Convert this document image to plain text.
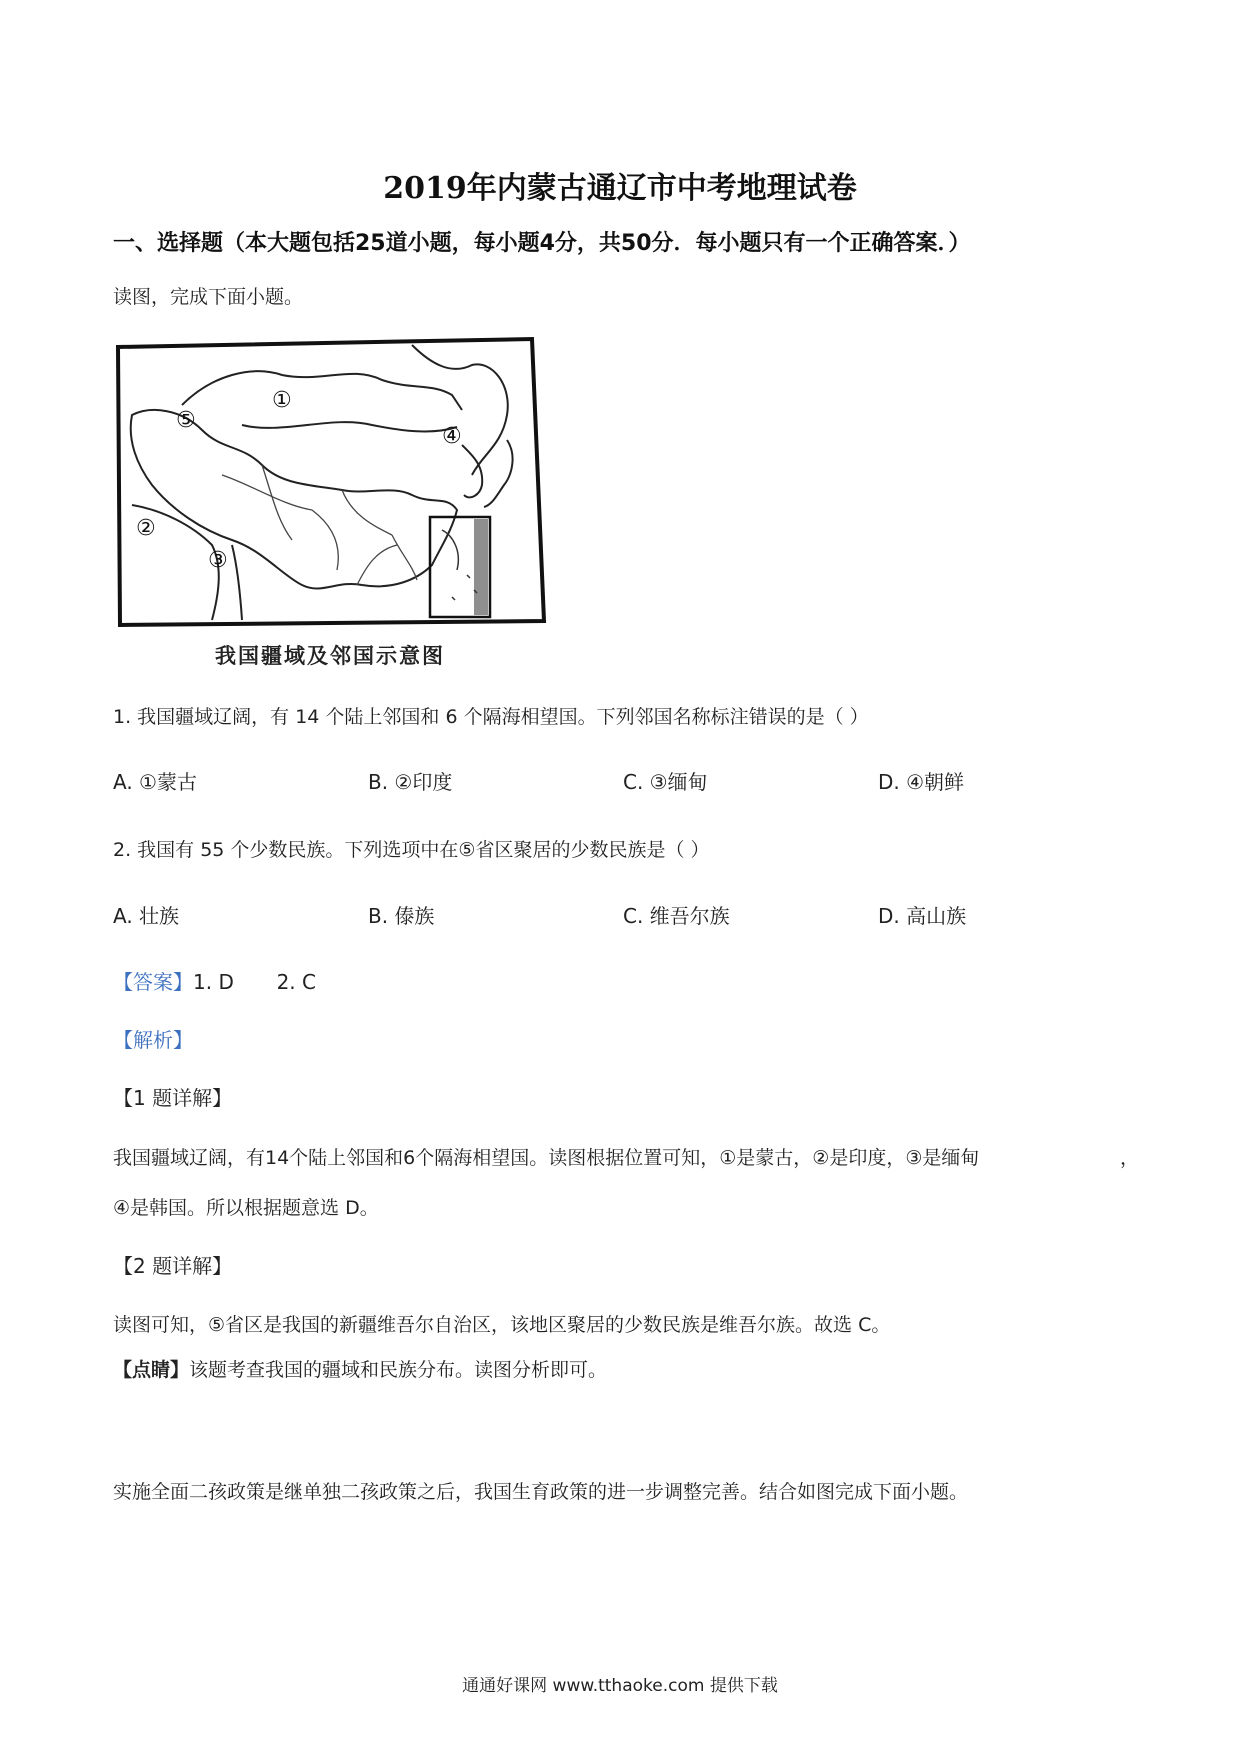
2019年内蒙古通辽市中考地理试卷
一、选择题（本大题包括25道小题，每小题4分，共50分．每小题只有一个正确答案．）
读图，完成下面小题。
①
②
③
④
⑤
我国疆域及邻国示意图
1. 我国疆域辽阔，有 14 个陆上邻国和 6 个隔海相望国。下列邻国名称标注错误的是（ ）
A. ①蒙古	B. ②印度	C. ③缅甸	D. ④朝鲜
2. 我国有 55 个少数民族。下列选项中在⑤省区聚居的少数民族是（ ）
A. 壮族	B. 傣族	C. 维吾尔族	D. 高山族
【答案】1. D 2. C
【解析】
【1 题详解】
我国疆域辽阔，有14个陆上邻国和6个隔海相望国。读图根据位置可知，①是蒙古，②是印度，③是缅甸	，
④是韩国。所以根据题意选 D。
【2 题详解】
读图可知，⑤省区是我国的新疆维吾尔自治区，该地区聚居的少数民族是维吾尔族。故选 C。
【点睛】该题考查我国的疆域和民族分布。读图分析即可。
实施全面二孩政策是继单独二孩政策之后，我国生育政策的进一步调整完善。结合如图完成下面小题。
通通好课网 www.tthaoke.com 提供下载
